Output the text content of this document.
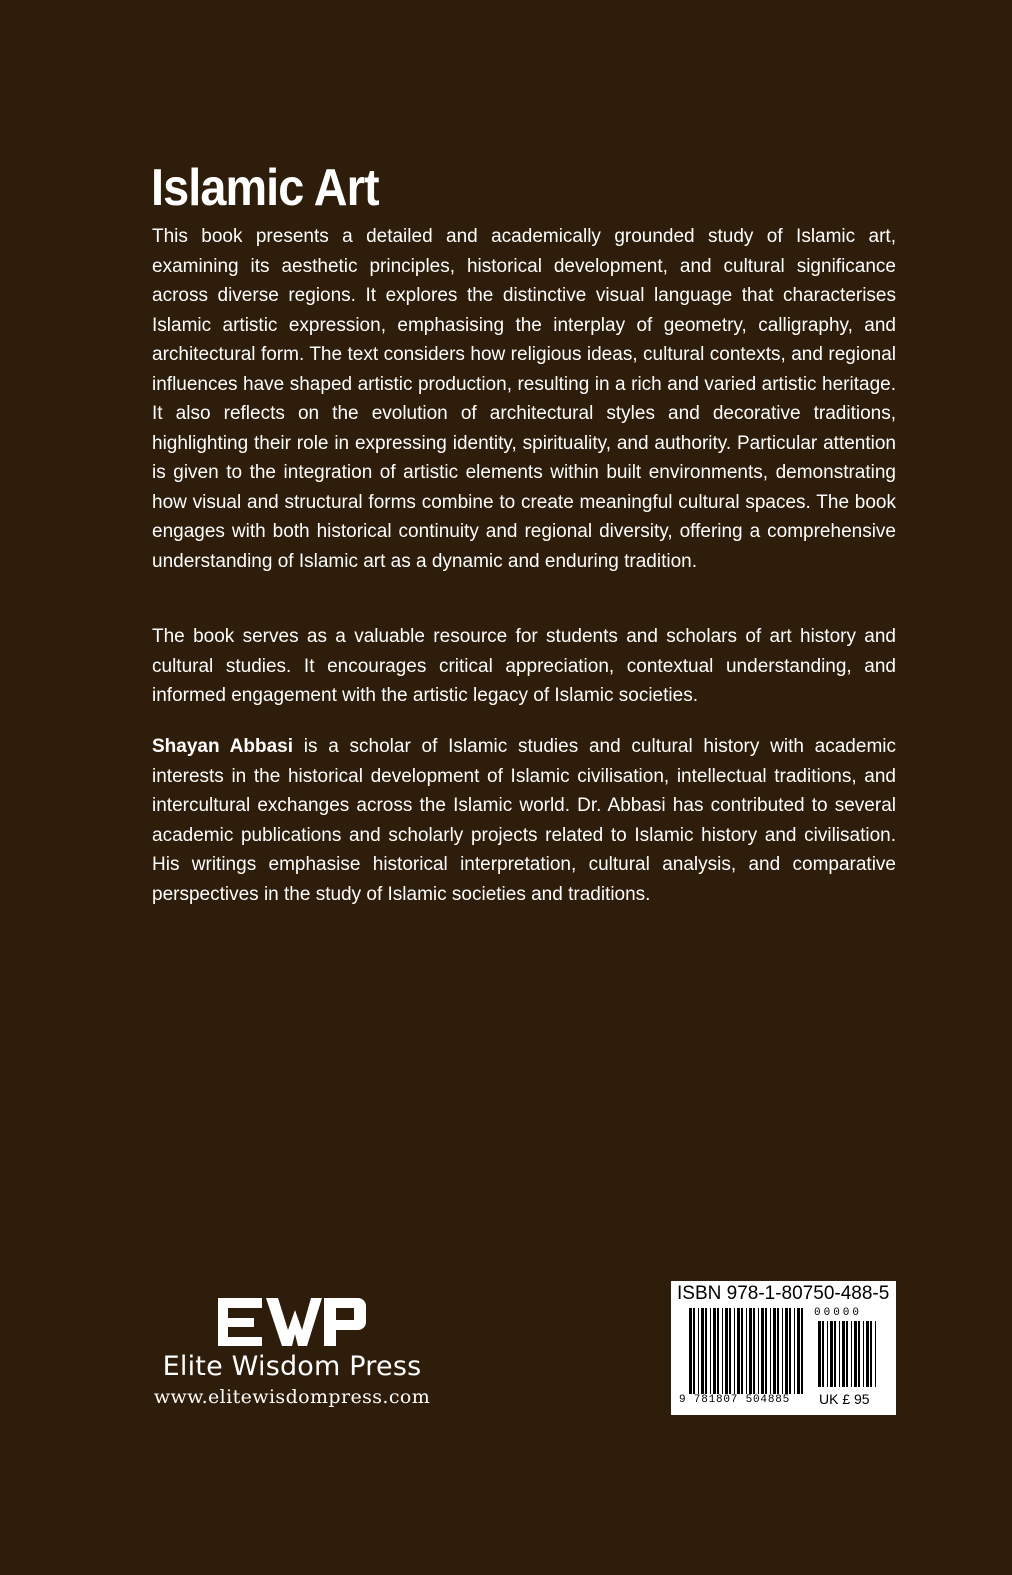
Islamic Art

This book presents a detailed and academically grounded study of Islamic art, examining its aesthetic principles, historical development, and cultural significance across diverse regions. It explores the distinctive visual language that characterises Islamic artistic expression, emphasising the interplay of geometry, calligraphy, and architectural form. The text considers how religious ideas, cultural contexts, and regional influences have shaped artistic production, resulting in a rich and varied artistic heritage. It also reflects on the evolution of architectural styles and decorative traditions, highlighting their role in expressing identity, spirituality, and authority. Particular attention is given to the integration of artistic elements within built environments, demonstrating how visual and structural forms combine to create meaningful cultural spaces. The book engages with both historical continuity and regional diversity, offering a comprehensive understanding of Islamic art as a dynamic and enduring tradition.

The book serves as a valuable resource for students and scholars of art history and cultural studies. It encourages critical appreciation, contextual understanding, and informed engagement with the artistic legacy of Islamic societies.

Shayan Abbasi is a scholar of Islamic studies and cultural history with academic interests in the historical development of Islamic civilisation, intellectual traditions, and intercultural exchanges across the Islamic world. Dr. Abbasi has contributed to several academic publications and scholarly projects related to Islamic history and civilisation. His writings emphasise historical interpretation, cultural analysis, and comparative perspectives in the study of Islamic societies and traditions.

Elite Wisdom Press
www.elitewisdompress.com
ISBN 978-1-80750-488-5
00000
9 781807 504885 UK £ 95
